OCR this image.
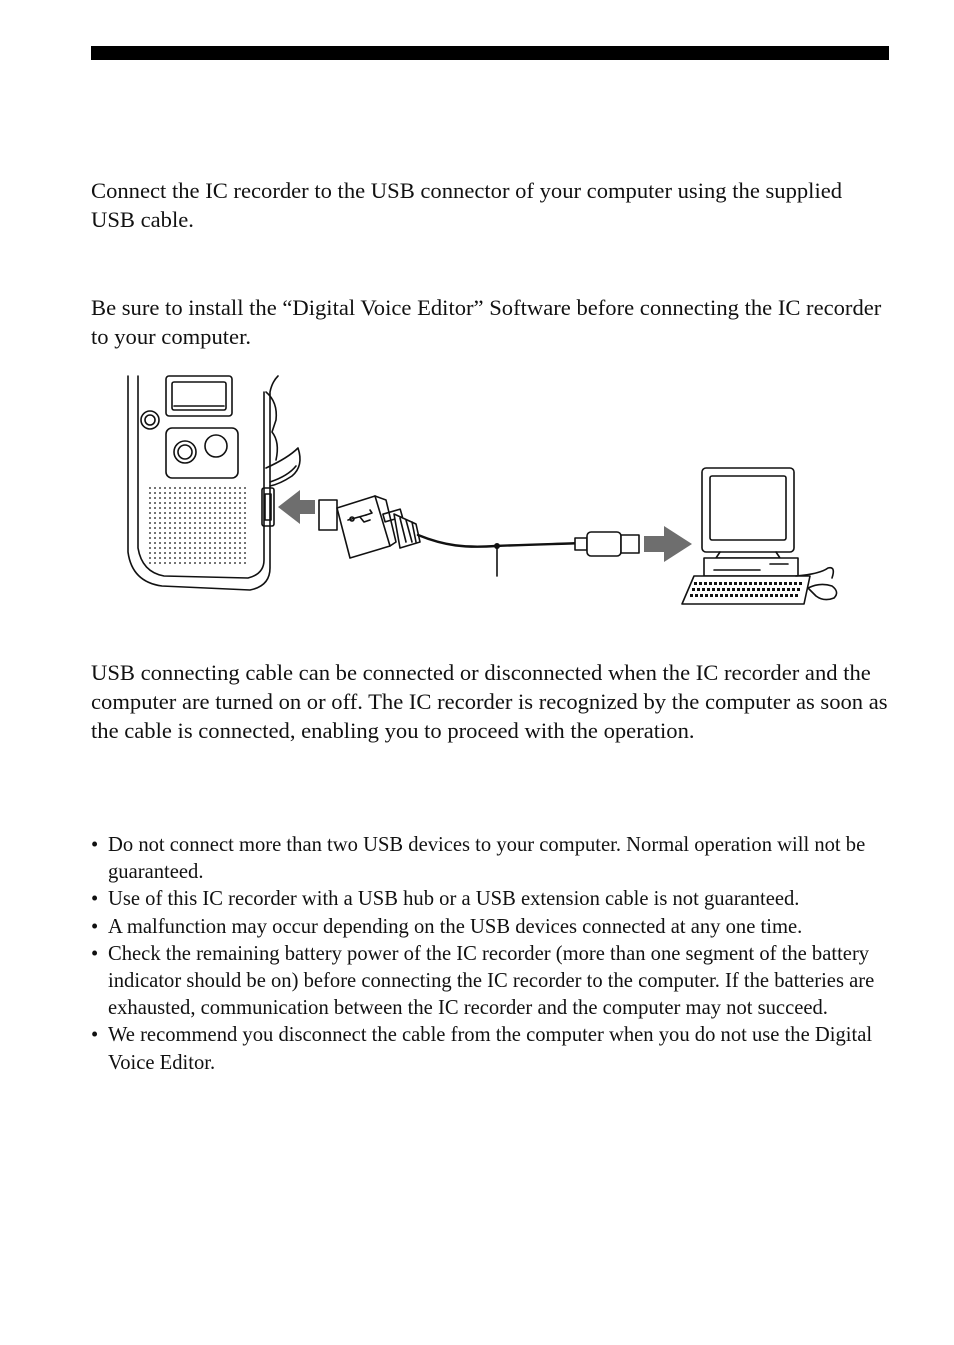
Connect the IC recorder to the USB connector of your computer using the supplied USB cable.

Be sure to install the “Digital Voice Editor” Software before connecting the IC recorder to your computer.

USB connecting cable can be connected or disconnected when the IC recorder and the computer are turned on or off. The IC recorder is recognized by the computer as soon as the cable is connected, enabling you to proceed with the operation.

• Do not connect more than two USB devices to your computer. Normal operation will not be guaranteed.
• Use of this IC recorder with a USB hub or a USB extension cable is not guaranteed.
• A malfunction may occur depending on the USB devices connected at any one time.
• Check the remaining battery power of the IC recorder (more than one segment of the battery indicator should be on) before connecting the IC recorder to the computer. If the batteries are exhausted, communication between the IC recorder and the computer may not succeed.
• We recommend you disconnect the cable from the computer when you do not use the Digital Voice Editor.
